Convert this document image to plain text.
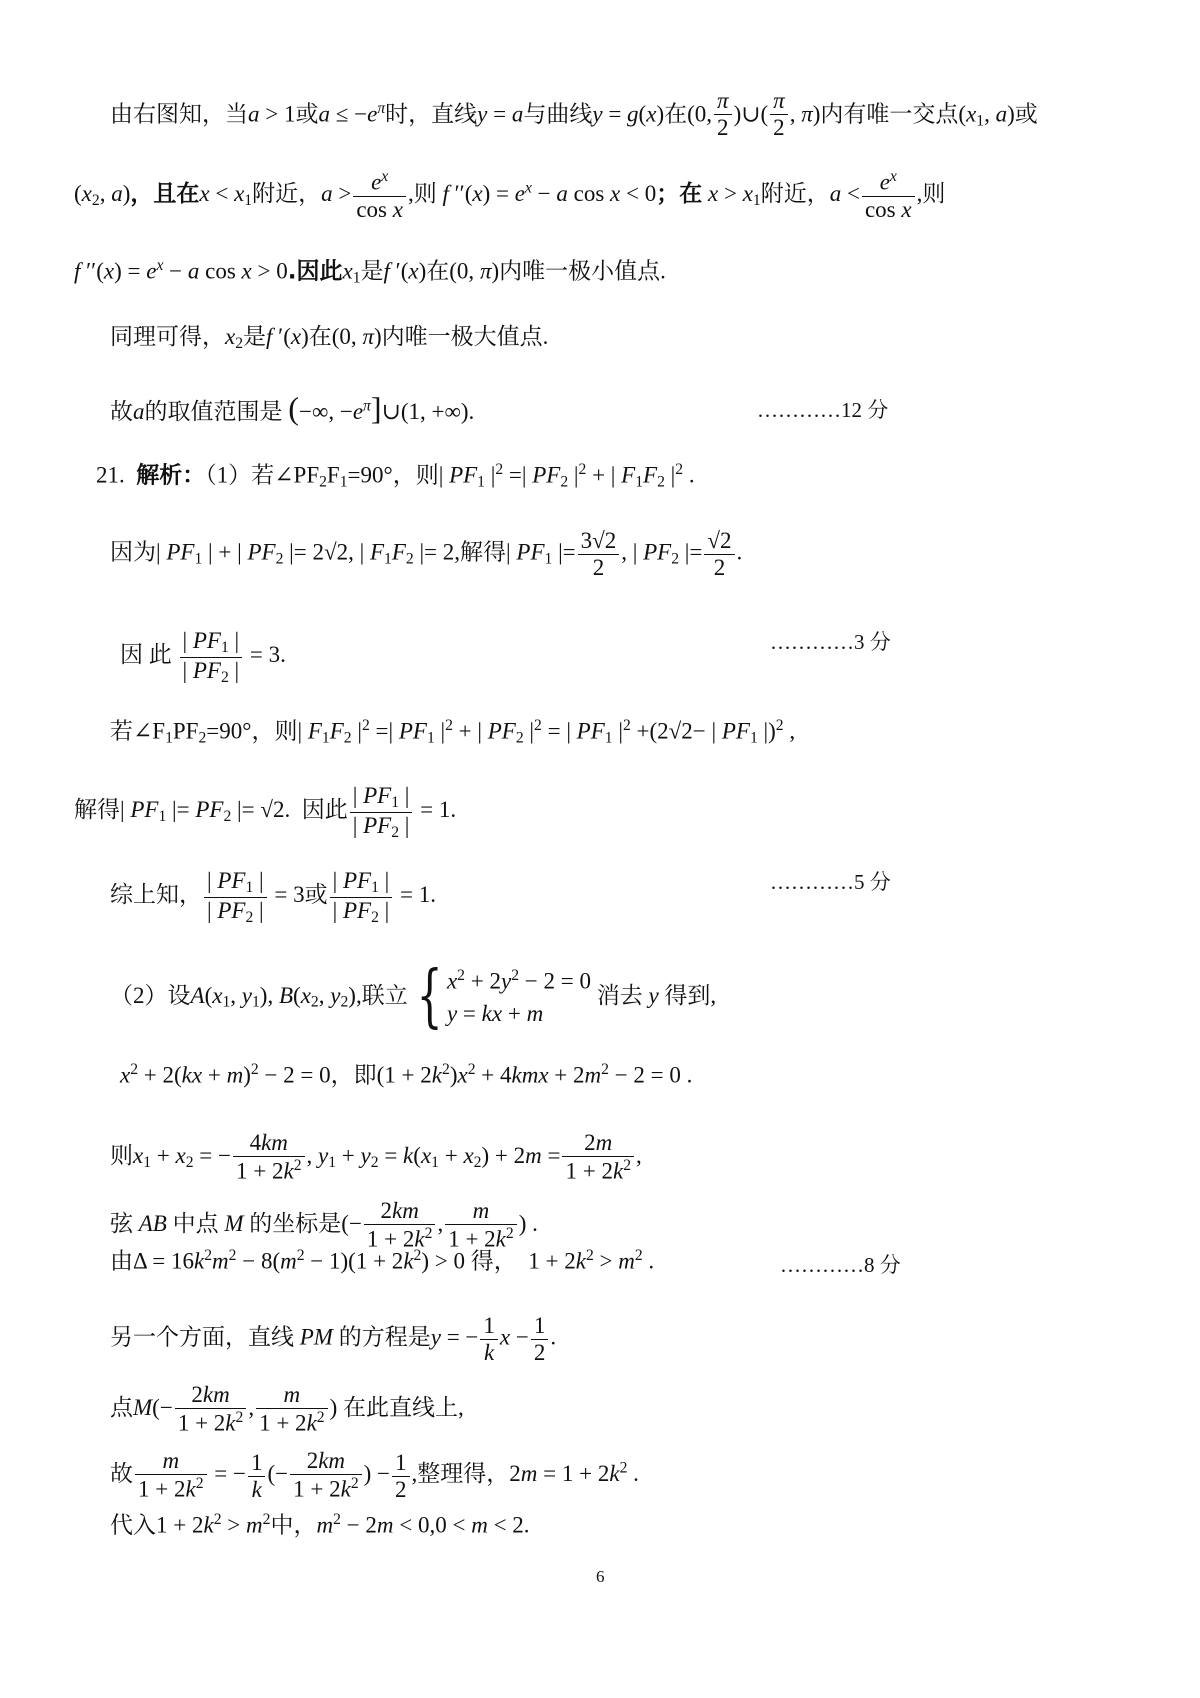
由右图知，当a > 1或$a \le -e^\pi$时，直线y = a与曲线y = g(x)在(0, $\frac{\pi}{2}$ )∪( $\frac{\pi}{2}$ , π)内有唯一交点($x_1$, a)或
($x_2$, a)，且在$x < x_1$附近，$a > \frac{e^x}{\text{cos x}}$ ,则 f $''(x) = e^x - a$ cos x < 0；在 $x > x_1$附近，$a < \frac{e^x}{\text{cos x}}$ ,则
f $''(x) = e^x - a$ cos x > 0.因此$x_1$是f ′(x)在(0, π)内唯一极小值点.
同理可得，$x_2$是f ′(x)在(0, π)内唯一极大值点.
故a的取值范围是 (−∞, $-e^\pi]\cup(1$, +∞).	…………12 分
21. 解析：（1）若$\angle PF_2F_1=90^\circ$，则| $PF_1$ $|^2$ =| $PF_2$ $|^2$ + | $F_1F_2$ $|^2$ .
因为| $PF_1$ | + | $PF_2$ |= 2√2, | $F_1F_2$ |= 2,解得| $PF_1$ |= $\frac{3√2}{2}$ , | $PF_2$ |= $\frac{√2}{2}$ .
因 此 $\frac{| PF_1 |}{| PF_2 |} = 3$.	…………3 分
若$\angle F_1PF_2=90^\circ$，则| $F_1F_2$ $|^2$ =| $PF_1$ $|^2$ + | $PF_2$ $|^2$ = | $PF_1$ $|^2 +(2√2-$ | $PF_1$ |)$^2$ ,
解得| $PF_1$ |= $PF_2$ |= √2.  因此 $\frac{| PF_1 |}{| PF_2 |} = 1$.
综上知， $\frac{| PF_1 |}{| PF_2 |} = 3$或 $\frac{| PF_1 |}{| PF_2 |} = 1$.	…………5 分
（2）设$A(x_1$, $y_1$), $B(x_2$, $y_2$),联立 { $x^2 + 2y^2 - 2 = 0$
y = kx + m
消去 y 得到,
$x^2 + 2(kx + m)^2 - 2 = 0$，即$(1 + 2k^2)x^2 + 4kmx + 2m^2 - 2 = 0$ .
则$x_1 + x_2$ = − $\frac{4km}{1 + 2k^2}$ , $y_1 + y_2 = k(x_1 + x_2) + 2m = \frac{2m}{1 + 2k^2}$ ,
弦 AB 中点 M 的坐标是(− $\frac{2km}{1 + 2k^2}$ , $\frac{m}{1 + 2k^2}$ ) .
由$\Delta = 16k^2m^2 - 8(m^2 - 1)(1 + 2k^2) > 0$ 得，  $1 + 2k^2 > m^2$ .	…………8 分
另一个方面，直线 PM 的方程是y = − $\frac{1}{k}$ $x - \frac{1}{2}$ .
点$M(- \frac{2km}{1 + 2k^2}$ , $\frac{m}{1 + 2k^2}$ ) 在此直线上,
故 $\frac{m}{1 + 2k^2}$ = − $\frac{1}{k}$ (− $\frac{2km}{1 + 2k^2}$ ) − $\frac{1}{2}$ ,整理得，$2m = 1 + 2k^2$ .
代入$1 + 2k^2 > m^2$中，$m^2 - 2m < 0,0 < m < 2$.
6
